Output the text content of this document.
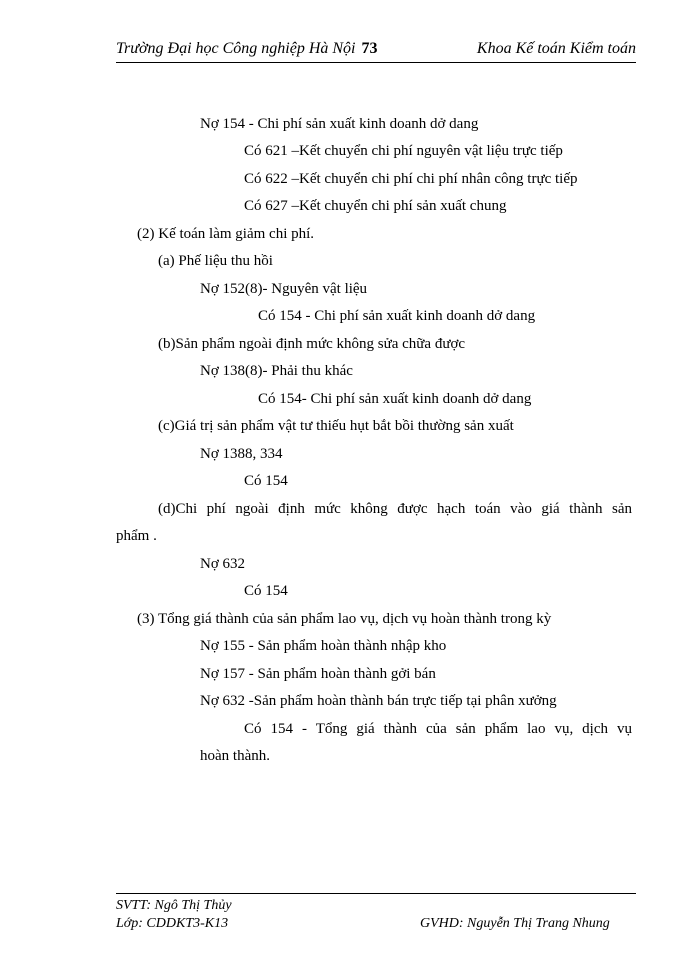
Trường Đại học Công nghiệp Hà Nội 73	Khoa Kế toán Kiểm toán
Nợ 154 - Chi phí sản xuất kinh doanh dở dang
Có 621 –Kết chuyển chi phí nguyên vật liệu trực tiếp
Có 622 –Kết chuyển chi phí chi phí nhân công trực tiếp
Có 627 –Kết chuyển chi phí sản xuất chung
(2) Kế toán làm giảm chi phí.
(a) Phế liệu thu hồi
Nợ 152(8)- Nguyên vật liệu
Có 154 - Chi phí sản xuất kinh doanh dở dang
(b)Sản phẩm ngoài định mức không sửa chữa được
Nợ 138(8)- Phải thu khác
Có 154- Chi phí sản xuất kinh doanh dở dang
(c)Giá trị sản phẩm vật tư thiếu hụt bắt bồi thường sản xuất
Nợ 1388, 334
Có 154
(d)Chi phí ngoài định mức không được hạch toán vào giá thành sản
phẩm .
Nợ 632
Có 154
(3) Tổng giá thành của sản phẩm lao vụ, dịch vụ hoàn thành trong kỳ
Nợ 155 - Sản phẩm hoàn thành nhập kho
Nợ 157 - Sản phẩm hoàn thành gởi bán
Nợ 632 -Sản phẩm hoàn thành bán trực tiếp tại phân xưởng
Có 154 - Tổng giá thành của sản phẩm lao vụ, dịch vụ
hoàn thành.
SVTT: Ngô Thị Thủy
Lớp: CDDKT3-K13	GVHD: Nguyễn Thị Trang Nhung
